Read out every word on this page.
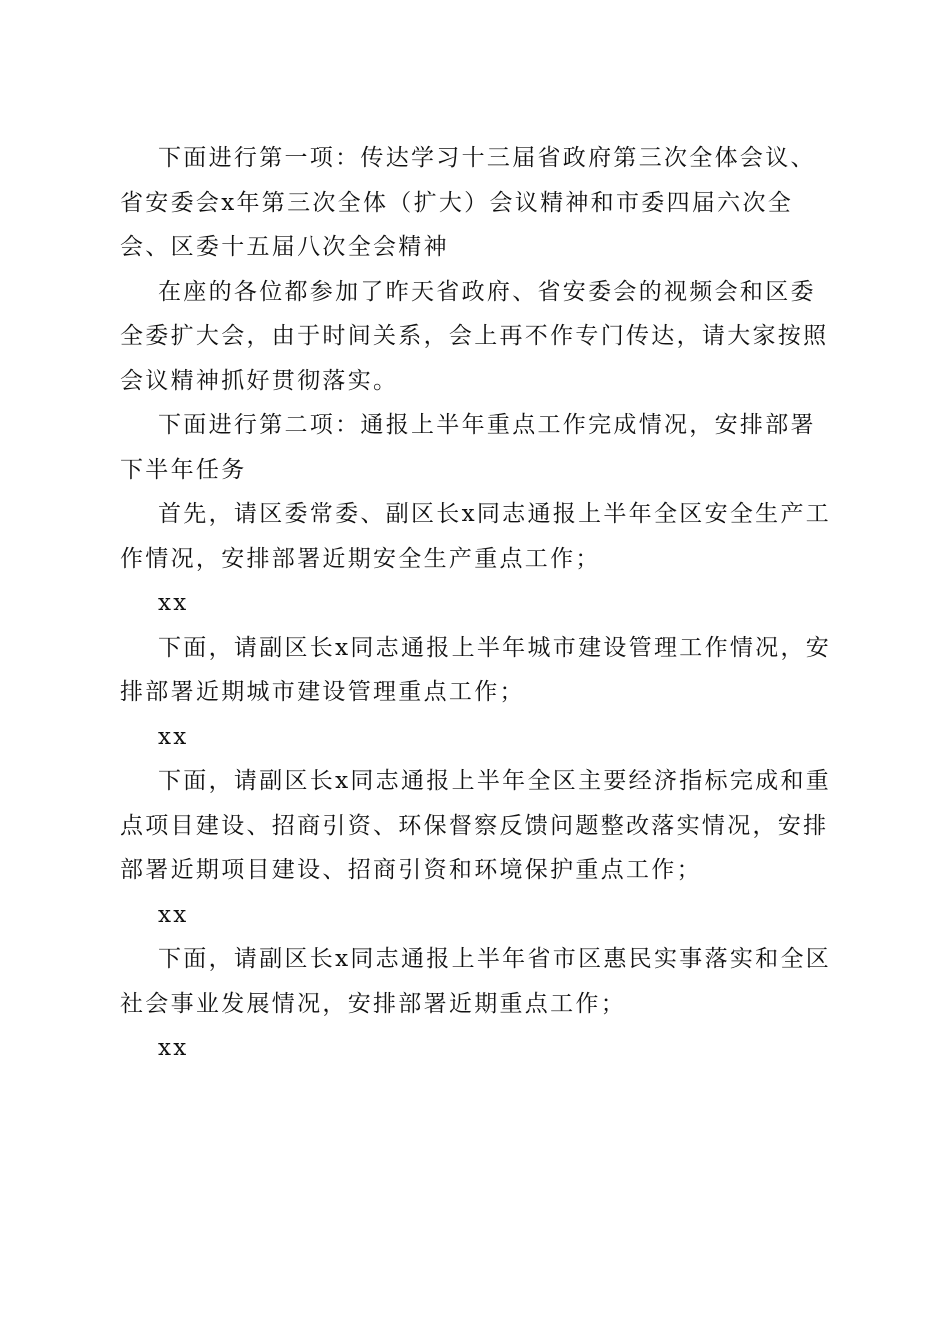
下面进行第一项：传达学习十三届省政府第三次全体会议、省安委会x年第三次全体（扩大）会议精神和市委四届六次全会、区委十五届八次全会精神

在座的各位都参加了昨天省政府、省安委会的视频会和区委全委扩大会，由于时间关系，会上再不作专门传达，请大家按照会议精神抓好贯彻落实。

下面进行第二项：通报上半年重点工作完成情况，安排部署下半年任务

首先，请区委常委、副区长x同志通报上半年全区安全生产工作情况，安排部署近期安全生产重点工作；

xx

下面，请副区长x同志通报上半年城市建设管理工作情况，安排部署近期城市建设管理重点工作；

xx

下面，请副区长x同志通报上半年全区主要经济指标完成和重点项目建设、招商引资、环保督察反馈问题整改落实情况，安排部署近期项目建设、招商引资和环境保护重点工作；

xx

下面，请副区长x同志通报上半年省市区惠民实事落实和全区社会事业发展情况，安排部署近期重点工作；

xx
